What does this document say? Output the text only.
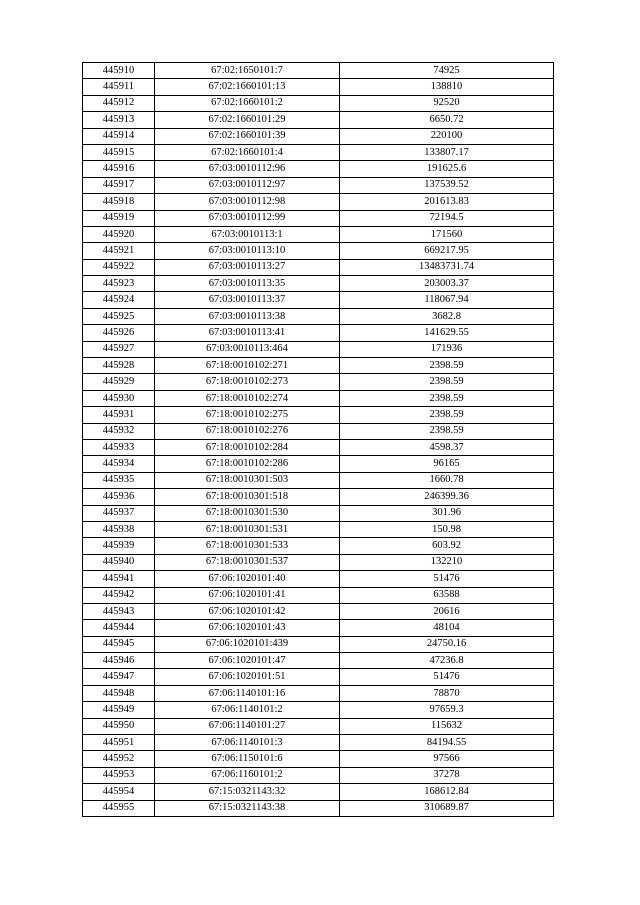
445910	67:02:1650101:7	74925
445911	67:02:1660101:13	138810
445912	67:02:1660101:2	92520
445913	67:02:1660101:29	6650.72
445914	67:02:1660101:39	220100
445915	67:02:1660101:4	133807.17
445916	67:03:0010112:96	191625.6
445917	67:03:0010112:97	137539.52
445918	67:03:0010112:98	201613.83
445919	67:03:0010112:99	72194.5
445920	67:03:0010113:1	171560
445921	67:03:0010113:10	669217.95
445922	67:03:0010113:27	13483731.74
445923	67:03:0010113:35	203003.37
445924	67:03:0010113:37	118067.94
445925	67:03:0010113:38	3682.8
445926	67:03:0010113:41	141629.55
445927	67:03:0010113:464	171936
445928	67:18:0010102:271	2398.59
445929	67:18:0010102:273	2398.59
445930	67:18:0010102:274	2398.59
445931	67:18:0010102:275	2398.59
445932	67:18:0010102:276	2398.59
445933	67:18:0010102:284	4598.37
445934	67:18:0010102:286	96165
445935	67:18:0010301:503	1660.78
445936	67:18:0010301:518	246399.36
445937	67:18:0010301:530	301.96
445938	67:18:0010301:531	150.98
445939	67:18:0010301:533	603.92
445940	67:18:0010301:537	132210
445941	67:06:1020101:40	51476
445942	67:06:1020101:41	63588
445943	67:06:1020101:42	20616
445944	67:06:1020101:43	48104
445945	67:06:1020101:439	24750.16
445946	67:06:1020101:47	47236.8
445947	67:06:1020101:51	51476
445948	67:06:1140101:16	78870
445949	67:06:1140101:2	97659.3
445950	67:06:1140101:27	115632
445951	67:06:1140101:3	84194.55
445952	67:06:1150101:6	97566
445953	67:06:1160101:2	37278
445954	67:15:0321143:32	168612.84
445955	67:15:0321143:38	310689.87
